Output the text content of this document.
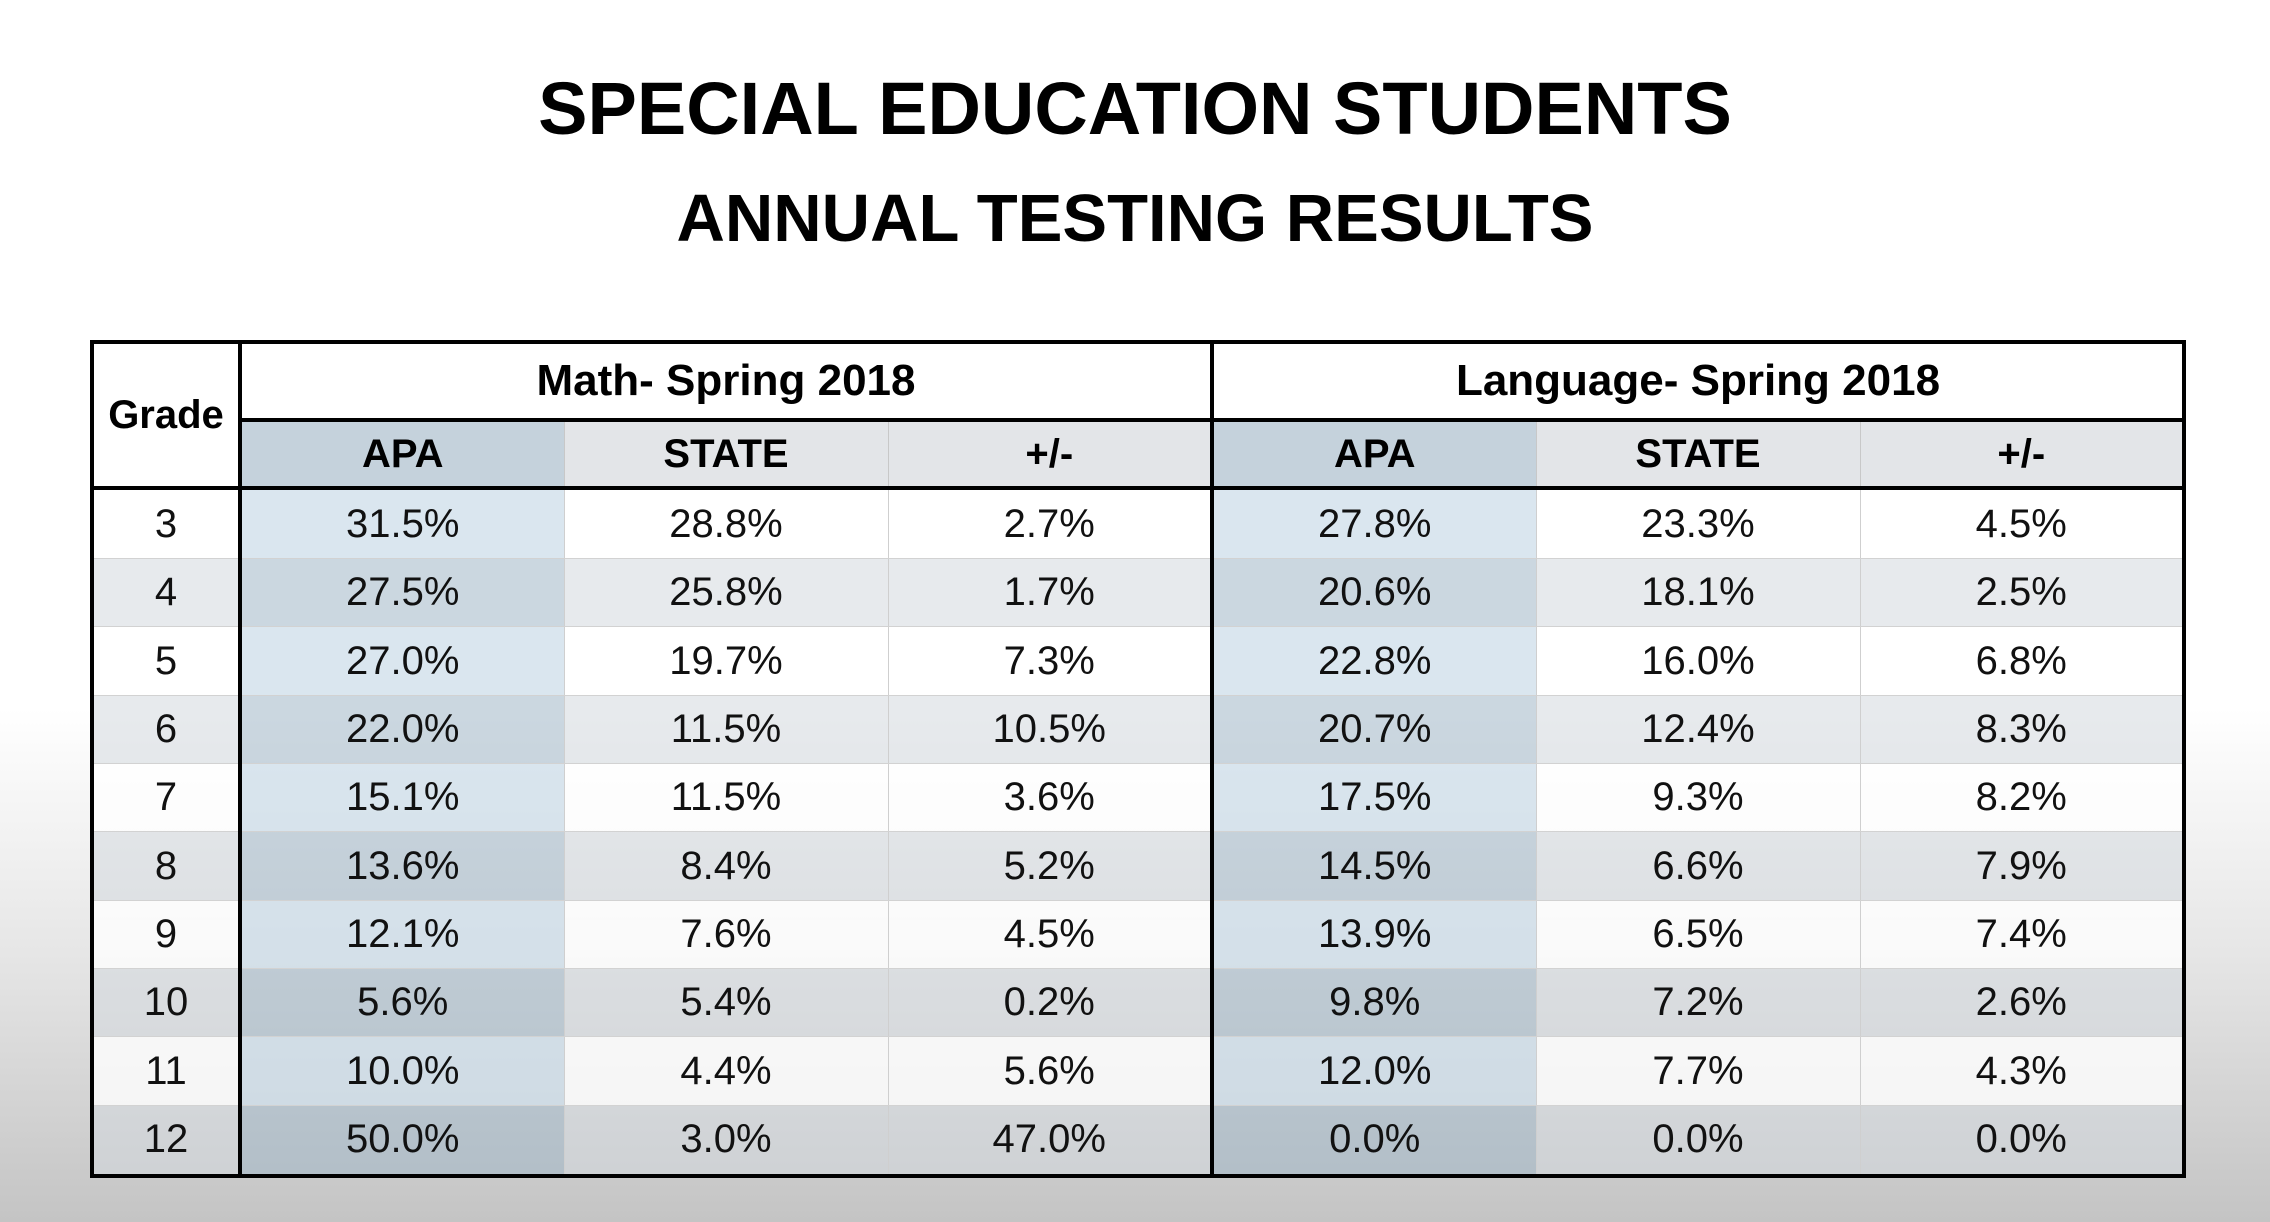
SPECIAL EDUCATION STUDENTS
ANNUAL TESTING RESULTS
Grade	Math- Spring 2018			Language- Spring 2018		
	APA	STATE	+/-	APA	STATE	+/-
3	31.5%	28.8%	2.7%	27.8%	23.3%	4.5%
4	27.5%	25.8%	1.7%	20.6%	18.1%	2.5%
5	27.0%	19.7%	7.3%	22.8%	16.0%	6.8%
6	22.0%	11.5%	10.5%	20.7%	12.4%	8.3%
7	15.1%	11.5%	3.6%	17.5%	9.3%	8.2%
8	13.6%	8.4%	5.2%	14.5%	6.6%	7.9%
9	12.1%	7.6%	4.5%	13.9%	6.5%	7.4%
10	5.6%	5.4%	0.2%	9.8%	7.2%	2.6%
11	10.0%	4.4%	5.6%	12.0%	7.7%	4.3%
12	50.0%	3.0%	47.0%	0.0%	0.0%	0.0%
